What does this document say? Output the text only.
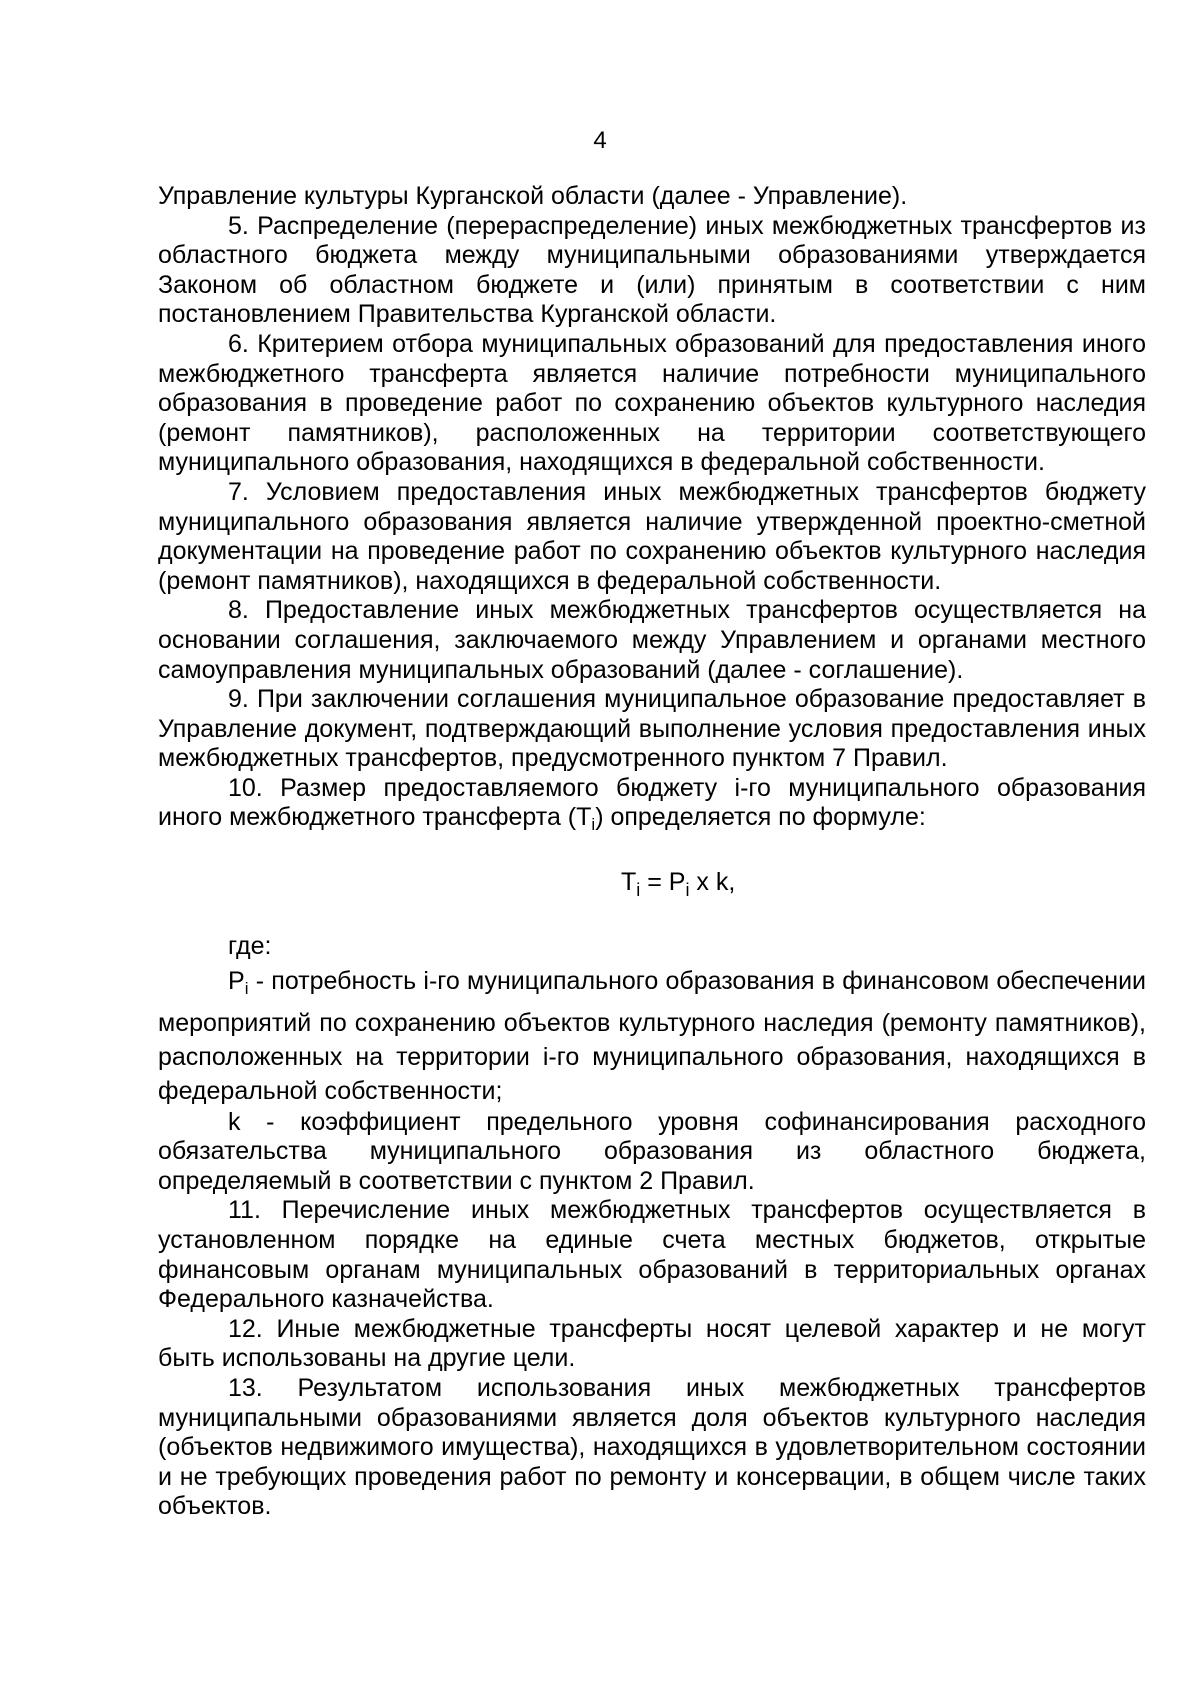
4

Управление культуры Курганской области (далее - Управление).

5. Распределение (перераспределение) иных межбюджетных трансфертов из областного бюджета между муниципальными образованиями утверждается Законом об областном бюджете и (или) принятым в соответствии с ним постановлением Правительства Курганской области.

6. Критерием отбора муниципальных образований для предоставления иного межбюджетного трансферта является наличие потребности муниципального образования в проведение работ по сохранению объектов культурного наследия (ремонт памятников), расположенных на территории соответствующего муниципального образования, находящихся в федеральной собственности.

7. Условием предоставления иных межбюджетных трансфертов бюджету муниципального образования является наличие утвержденной проектно-сметной документации на проведение работ по сохранению объектов культурного наследия (ремонт памятников), находящихся в федеральной собственности.

8. Предоставление иных межбюджетных трансфертов осуществляется на основании соглашения, заключаемого между Управлением и органами местного самоуправления муниципальных образований (далее - соглашение).

9. При заключении соглашения муниципальное образование предоставляет в Управление документ, подтверждающий выполнение условия предоставления иных межбюджетных трансфертов, предусмотренного пунктом 7 Правил.

10. Размер предоставляемого бюджету i-го муниципального образования иного межбюджетного трансферта $(T_i)$ определяется по формуле:

$T_i = P_i$ x k,

где:

$P_i$ - потребность i-го муниципального образования в финансовом обеспечении мероприятий по сохранению объектов культурного наследия (ремонту памятников), расположенных на территории i-го муниципального образования, находящихся в федеральной собственности;

k - коэффициент предельного уровня софинансирования расходного обязательства муниципального образования из областного бюджета, определяемый в соответствии с пунктом 2 Правил.

11. Перечисление иных межбюджетных трансфертов осуществляется в установленном порядке на единые счета местных бюджетов, открытые финансовым органам муниципальных образований в территориальных органах Федерального казначейства.

12. Иные межбюджетные трансферты носят целевой характер и не могут быть использованы на другие цели.

13. Результатом использования иных межбюджетных трансфертов муниципальными образованиями является доля объектов культурного наследия (объектов недвижимого имущества), находящихся в удовлетворительном состоянии и не требующих проведения работ по ремонту и консервации, в общем числе таких объектов.
